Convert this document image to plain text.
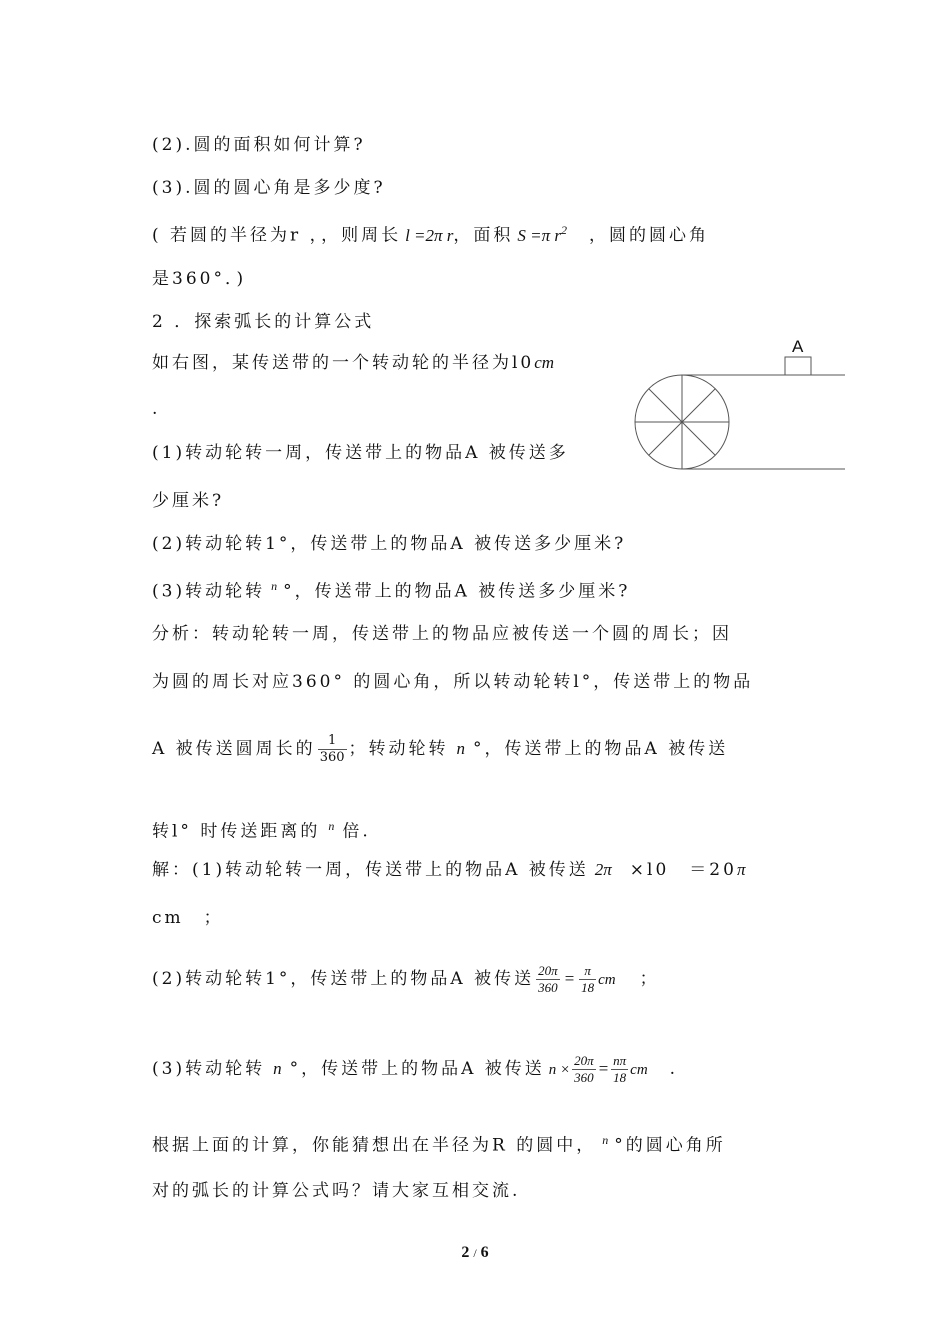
(2).圆的面积如何计算?
(3).圆的圆心角是多少度?
( 若圆的半径为r ，，则周长 l =2π r，面积 S =π $r^2$ ，圆的圆心角
是360°．)
2 ．探索弧长的计算公式
如右图，某传送带的一个转动轮的半径为l0cm
.
(1)转动轮转一周，传送带上的物品A 被传送多
少厘米?
(2)转动轮转1°，传送带上的物品A 被传送多少厘米?
(3)转动轮转 $^n$ °，传送带上的物品A 被传送多少厘米?
分析：转动轮转一周，传送带上的物品应被传送一个圆的周长；因
为圆的周长对应360° 的圆心角，所以转动轮转l°，传送带上的物品
A 被传送圆周长的 $\frac{1}{360}$ ；转动轮转 n °，传送带上的物品A 被传送
转l° 时传送距离的 $^n$ 倍.
解：(1)转动轮转一周，传送带上的物品A 被传送 2π ×l0　＝20π
cm　；
(2)转动轮转1°，传送带上的物品A 被传送 $\frac{20\pi}{360} = \frac{\pi}{18}$ cm ；
(3)转动轮转 n °，传送带上的物品A 被传送 $n \times \frac{20\pi}{360} = \frac{n\pi}{18}$ cm .
根据上面的计算，你能猜想出在半径为R 的圆中， $^n$ °的圆心角所
对的弧长的计算公式吗？请大家互相交流.
A
2 / 6
